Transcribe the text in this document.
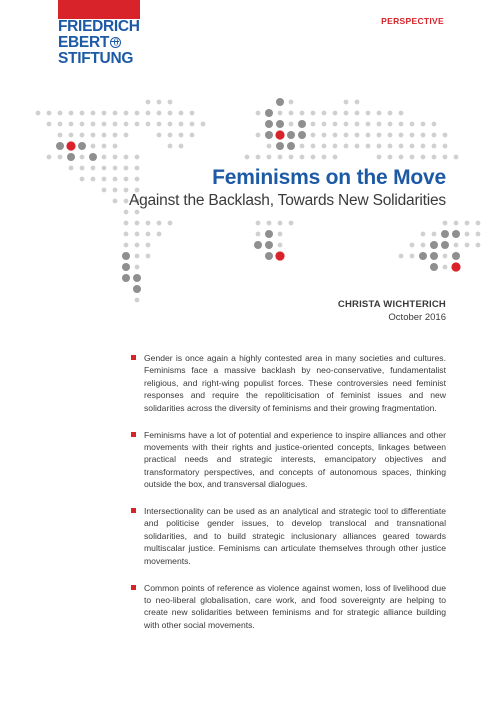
FRIEDRICH
EBERT
STIFTUNG
PERSPECTIVE
Feminisms on the Move
Against the Backlash, Towards New Solidarities
CHRISTA WICHTERICH
October 2016
Gender is once again a highly contested area in many societies and cultures. Feminisms face a massive backlash by neo-conservative, fundamentalist religious, and right-wing populist forces. These controversies need feminist responses and require the repoliticisation of feminist issues and new solidarities across the diversity of feminisms and their growing fragmentation.
Feminisms have a lot of potential and experience to inspire alliances and other movements with their rights and justice-oriented concepts, linkages between practical needs and strategic interests, emancipatory objectives and transformatory perspectives, and concepts of autonomous spaces, thinking outside the box, and transversal dialogues.
Intersectionality can be used as an analytical and strategic tool to differentiate and politicise gender issues, to develop translocal and transnational solidarities, and to build strategic inclusionary alliances geared towards multiscalar justice. Feminisms can articulate themselves through other justice movements.
Common points of reference as violence against women, loss of livelihood due to neo-liberal globalisation, care work, and food sovereignty are helping to create new solidarities between feminisms and for strategic alliance building with other social movements.
